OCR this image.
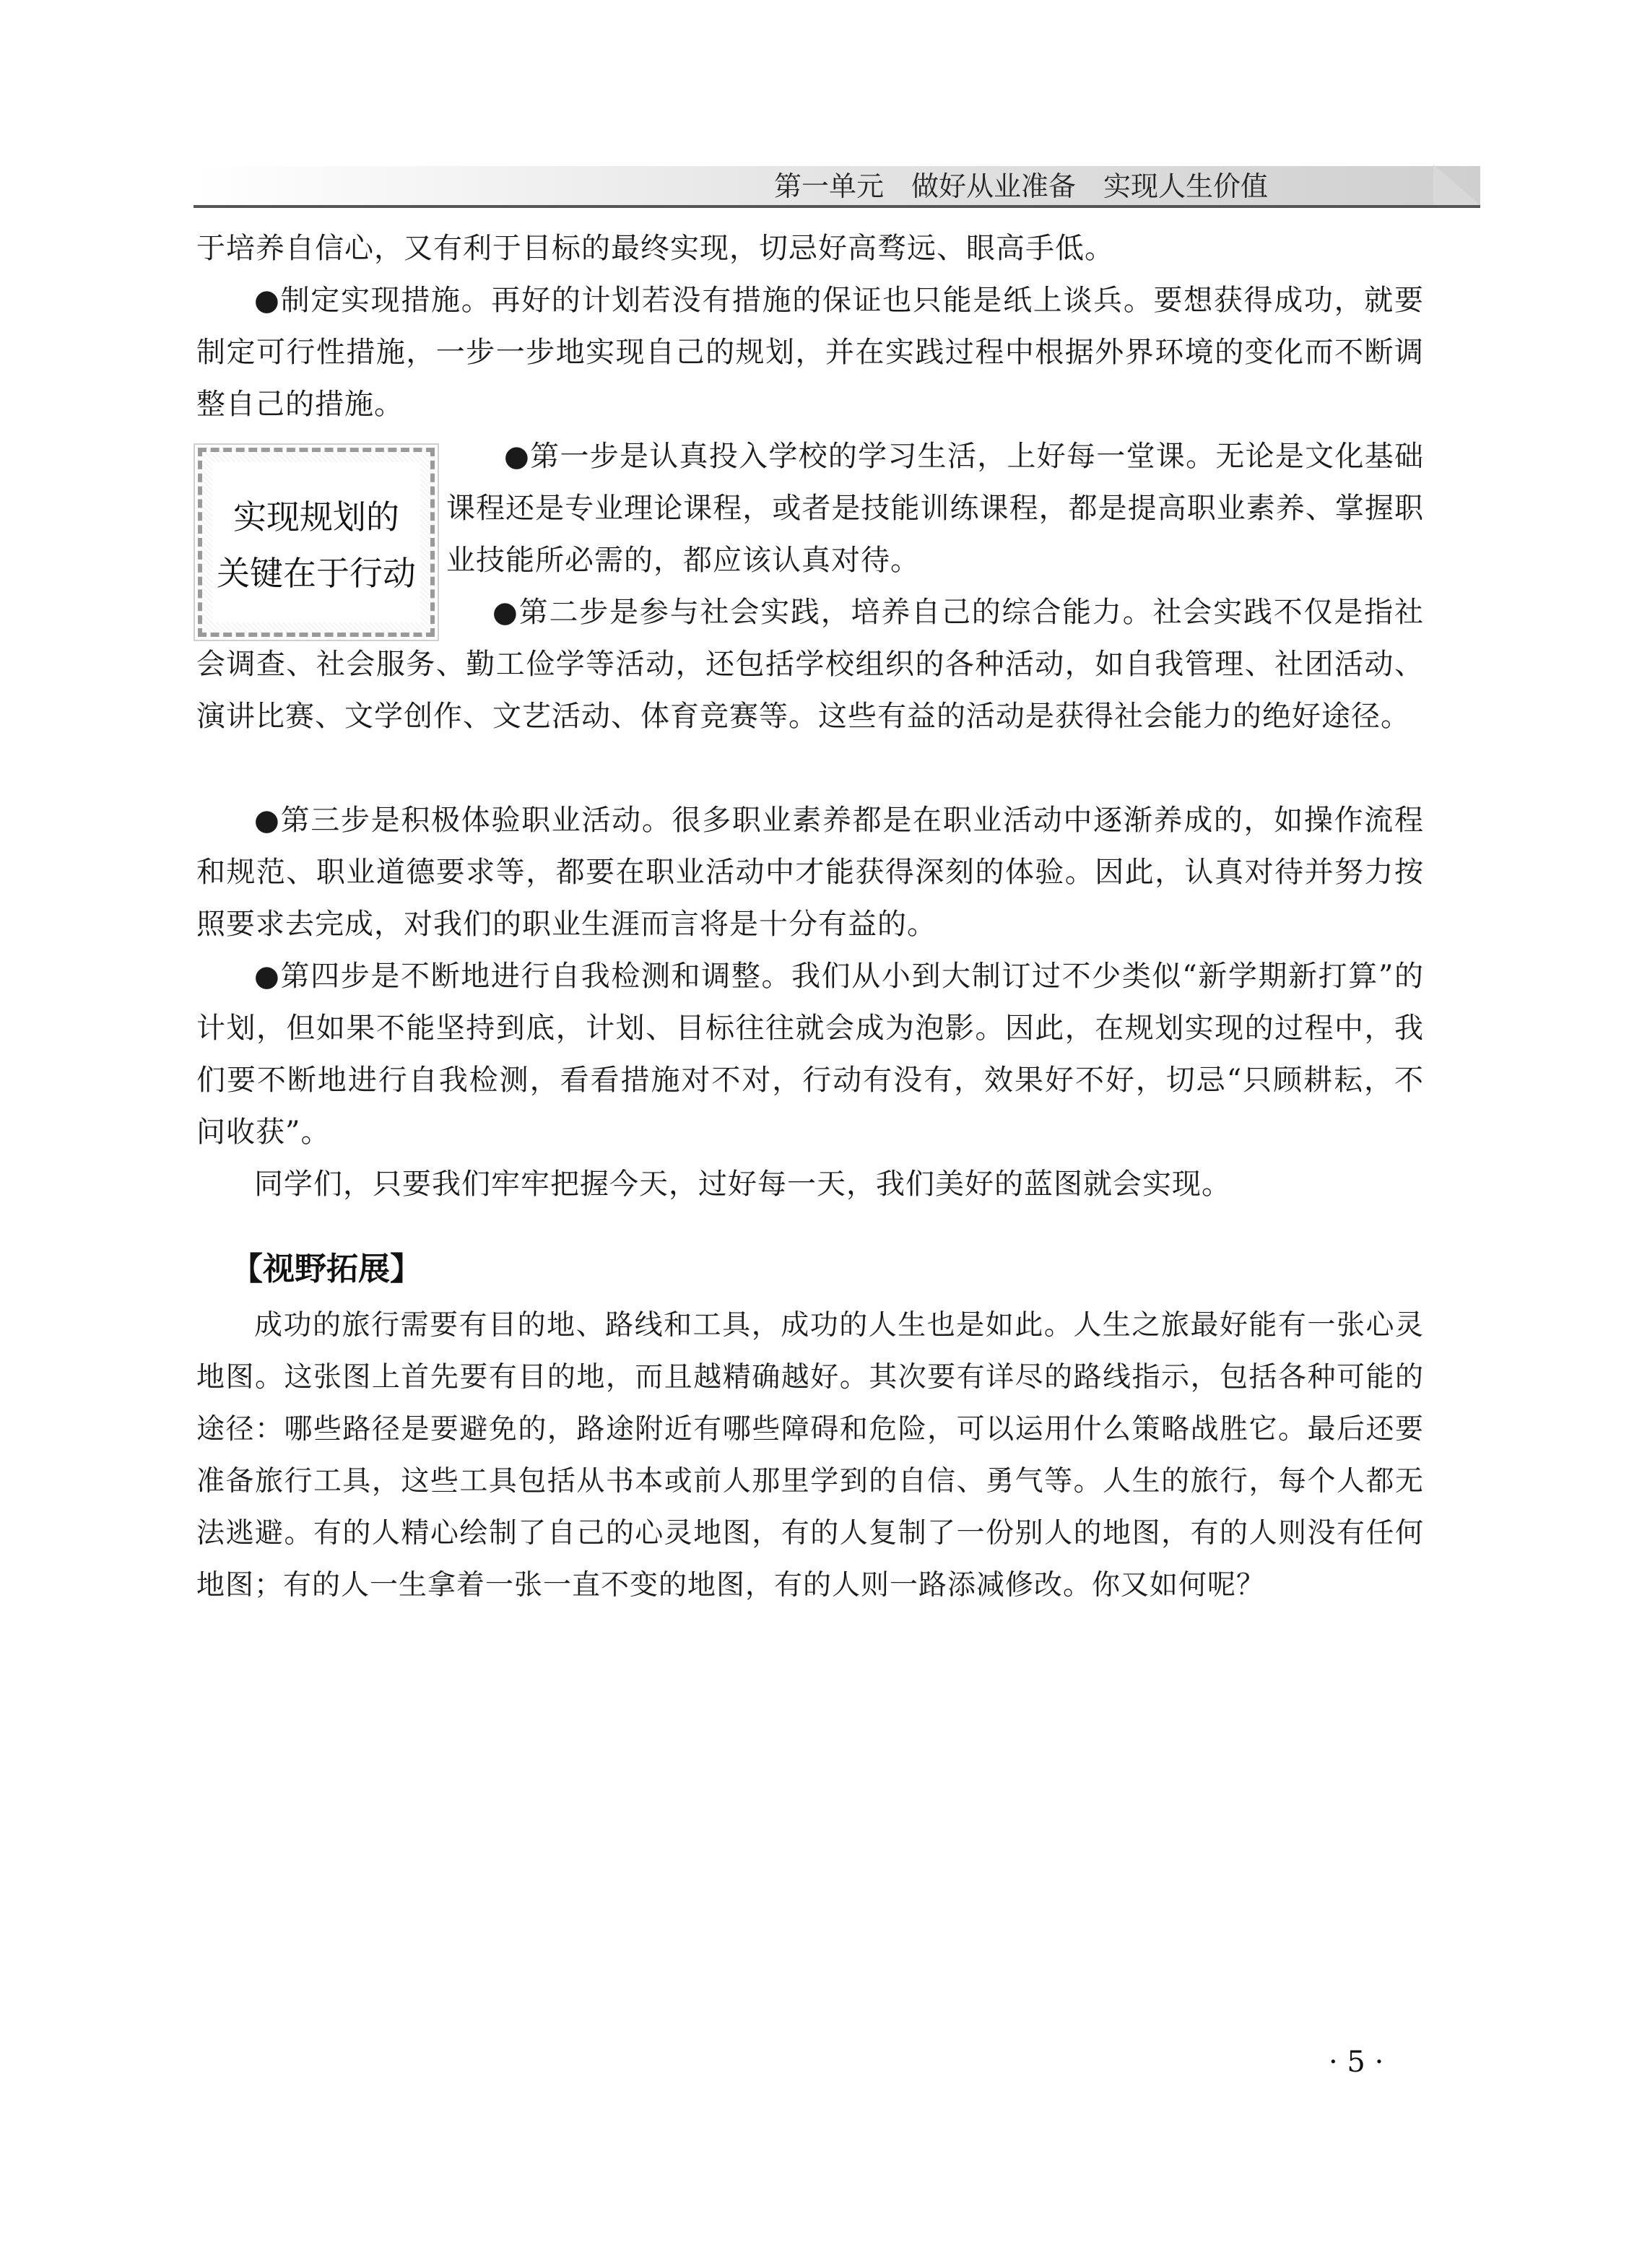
第一单元　做好从业准备　实现人生价值

于培养自信心，又有利于目标的最终实现，切忌好高骛远、眼高手低。

●制定实现措施。再好的计划若没有措施的保证也只能是纸上谈兵。要想获得成功，就要制定可行性措施，一步一步地实现自己的规划，并在实践过程中根据外界环境的变化而不断调整自己的措施。

实现规划的
关键在于行动

●第一步是认真投入学校的学习生活，上好每一堂课。无论是文化基础课程还是专业理论课程，或者是技能训练课程，都是提高职业素养、掌握职业技能所必需的，都应该认真对待。

●第二步是参与社会实践，培养自己的综合能力。社会实践不仅是指社会调查、社会服务、勤工俭学等活动，还包括学校组织的各种活动，如自我管理、社团活动、演讲比赛、文学创作、文艺活动、体育竞赛等。这些有益的活动是获得社会能力的绝好途径。

●第三步是积极体验职业活动。很多职业素养都是在职业活动中逐渐养成的，如操作流程和规范、职业道德要求等，都要在职业活动中才能获得深刻的体验。因此，认真对待并努力按照要求去完成，对我们的职业生涯而言将是十分有益的。

●第四步是不断地进行自我检测和调整。我们从小到大制订过不少类似“新学期新打算”的计划，但如果不能坚持到底，计划、目标往往就会成为泡影。因此，在规划实现的过程中，我们要不断地进行自我检测，看看措施对不对，行动有没有，效果好不好，切忌“只顾耕耘，不问收获”。

同学们，只要我们牢牢把握今天，过好每一天，我们美好的蓝图就会实现。

【视野拓展】

成功的旅行需要有目的地、路线和工具，成功的人生也是如此。人生之旅最好能有一张心灵地图。这张图上首先要有目的地，而且越精确越好。其次要有详尽的路线指示，包括各种可能的途径：哪些路径是要避免的，路途附近有哪些障碍和危险，可以运用什么策略战胜它。最后还要准备旅行工具，这些工具包括从书本或前人那里学到的自信、勇气等。人生的旅行，每个人都无法逃避。有的人精心绘制了自己的心灵地图，有的人复制了一份别人的地图，有的人则没有任何地图；有的人一生拿着一张一直不变的地图，有的人则一路添减修改。你又如何呢？

· 5 ·
